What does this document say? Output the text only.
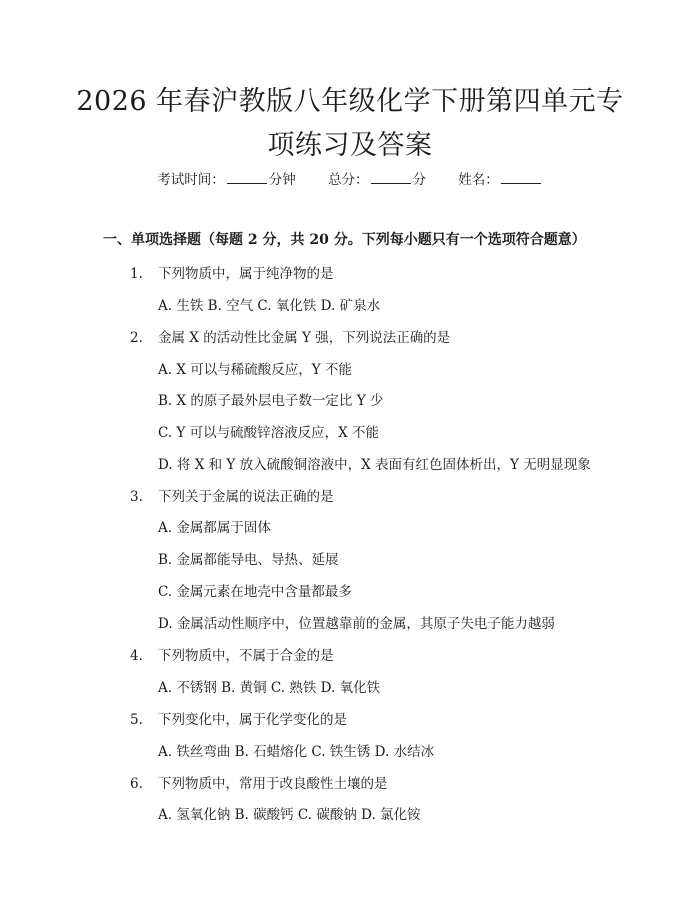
2026 年春沪教版八年级化学下册第四单元专
项练习及答案
考试时间：	分钟 总分：	分 姓名：
一、单项选择题（每题 2 分，共 20 分。下列每小题只有一个选项符合题意）
1. 下列物质中，属于纯净物的是
A. 生铁 B. 空气 C. 氧化铁 D. 矿泉水
2. 金属 X 的活动性比金属 Y 强，下列说法正确的是
A. X 可以与稀硫酸反应，Y 不能
B. X 的原子最外层电子数一定比 Y 少
C. Y 可以与硫酸锌溶液反应，X 不能
D. 将 X 和 Y 放入硫酸铜溶液中，X 表面有红色固体析出，Y 无明显现象
3. 下列关于金属的说法正确的是
A. 金属都属于固体
B. 金属都能导电、导热、延展
C. 金属元素在地壳中含量都最多
D. 金属活动性顺序中，位置越靠前的金属，其原子失电子能力越弱
4. 下列物质中，不属于合金的是
A. 不锈钢 B. 黄铜 C. 熟铁 D. 氧化铁
5. 下列变化中，属于化学变化的是
A. 铁丝弯曲 B. 石蜡熔化 C. 铁生锈 D. 水结冰
6. 下列物质中，常用于改良酸性土壤的是
A. 氢氧化钠 B. 碳酸钙 C. 碳酸钠 D. 氯化铵
